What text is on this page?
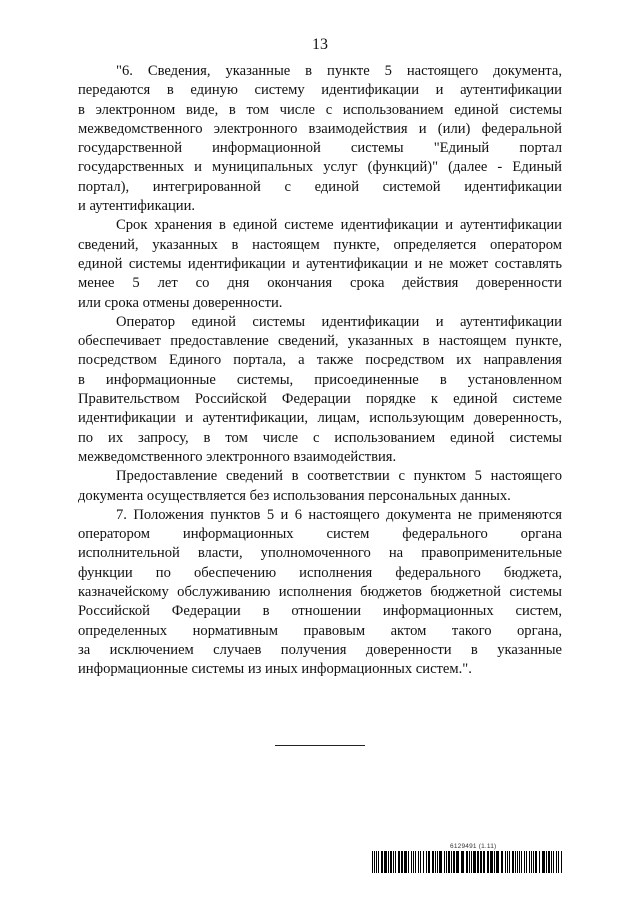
13

"6. Сведения, указанные в пункте 5 настоящего документа,
передаются в единую систему идентификации и аутентификации
в электронном виде, в том числе с использованием единой системы
межведомственного электронного взаимодействия и (или) федеральной
государственной информационной системы "Единый портал
государственных и муниципальных услуг (функций)" (далее - Единый
портал), интегрированной с единой системой идентификации
и аутентификации.

Срок хранения в единой системе идентификации и аутентификации
сведений, указанных в настоящем пункте, определяется оператором
единой системы идентификации и аутентификации и не может составлять
менее 5 лет со дня окончания срока действия доверенности
или срока отмены доверенности.

Оператор единой системы идентификации и аутентификации
обеспечивает предоставление сведений, указанных в настоящем пункте,
посредством Единого портала, а также посредством их направления
в информационные системы, присоединенные в установленном
Правительством Российской Федерации порядке к единой системе
идентификации и аутентификации, лицам, использующим доверенность,
по их запросу, в том числе с использованием единой системы
межведомственного электронного взаимодействия.

Предоставление сведений в соответствии с пунктом 5 настоящего
документа осуществляется без использования персональных данных.

7. Положения пунктов 5 и 6 настоящего документа не применяются
оператором информационных систем федерального органа
исполнительной власти, уполномоченного на правоприменительные
функции по обеспечению исполнения федерального бюджета,
казначейскому обслуживанию исполнения бюджетов бюджетной системы
Российской Федерации в отношении информационных систем,
определенных нормативным правовым актом такого органа,
за исключением случаев получения доверенности в указанные
информационные системы из иных информационных систем.".

6129491 (1.11)
